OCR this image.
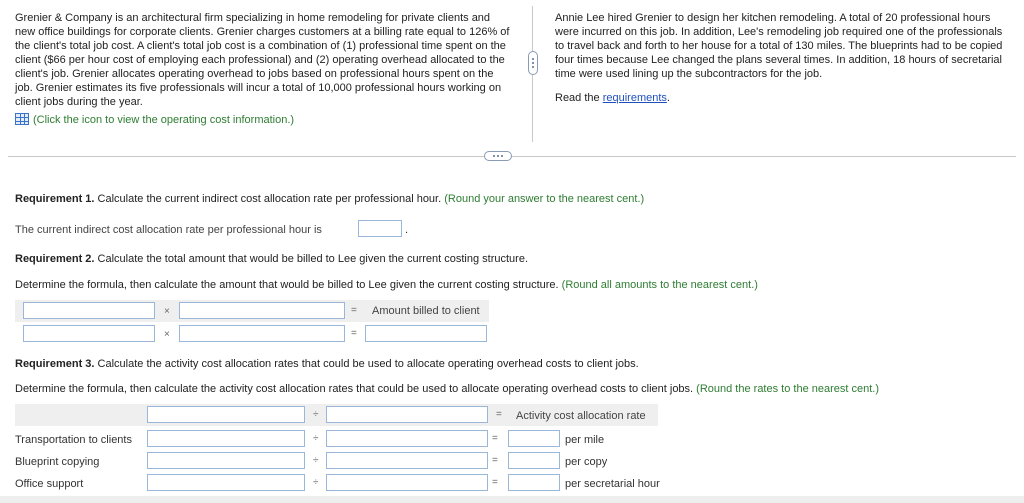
Grenier & Company is an architectural firm specializing in home remodeling for private clients and new office buildings for corporate clients. Grenier charges customers at a billing rate equal to 126% of the client's total job cost. A client's total job cost is a combination of (1) professional time spent on the client ($66 per hour cost of employing each professional) and (2) operating overhead allocated to the client's job. Grenier allocates operating overhead to jobs based on professional hours spent on the job. Grenier estimates its five professionals will incur a total of 10,000 professional hours working on client jobs during the year.
(Click the icon to view the operating cost information.)
Annie Lee hired Grenier to design her kitchen remodeling. A total of 20 professional hours were incurred on this job. In addition, Lee's remodeling job required one of the professionals to travel back and forth to her house for a total of 130 miles. The blueprints had to be copied four times because Lee changed the plans several times. In addition, 18 hours of secretarial time were used lining up the subcontractors for the job.
Read the requirements.
Requirement 1. Calculate the current indirect cost allocation rate per professional hour. (Round your answer to the nearest cent.)
The current indirect cost allocation rate per professional hour is	.
Requirement 2. Calculate the total amount that would be billed to Lee given the current costing structure.
Determine the formula, then calculate the amount that would be billed to Lee given the current costing structure. (Round all amounts to the nearest cent.)
×	= Amount billed to client
×	=
Requirement 3. Calculate the activity cost allocation rates that could be used to allocate operating overhead costs to client jobs.
Determine the formula, then calculate the activity cost allocation rates that could be used to allocate operating overhead costs to client jobs. (Round the rates to the nearest cent.)
÷	= Activity cost allocation rate
Transportation to clients	÷	=	per mile
Blueprint copying	÷	=	per copy
Office support	÷	=	per secretarial hour
